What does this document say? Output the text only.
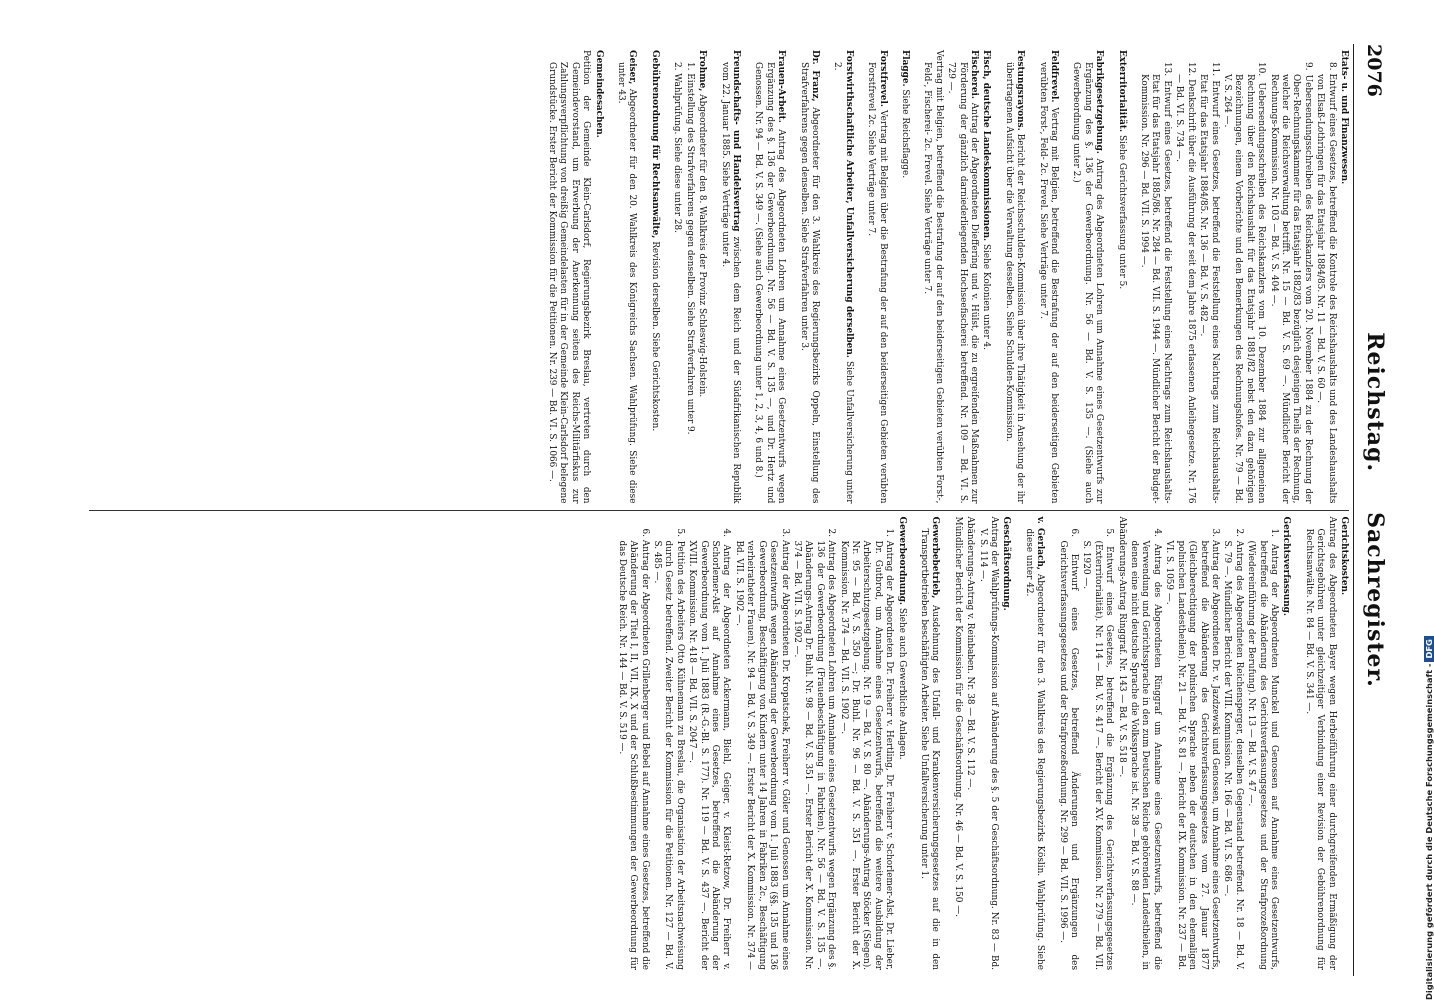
2076
Reichstag.Sachregister.
Etats- u. und Finanzwesen.
8. Entwurf eines Gesetzes, betreffend die Kontrole des Reichshaushalts und des Landeshaushalts von Elsaß-Lothringen für das Etatsjahr 1884/85. Nr. 11 — Bd. V. S. 60 —.
9. Uebersendungsschreiben des Reichskanzlers vom 20. November 1884 zu der Rechnung der Ober-Rechnungskammer für das Etatsjahr 1882/83 bezüglich desjenigen Theils der Rechnung, welcher die Reichsverwaltung betrifft. Nr. 15 — Bd. V. S. 69 —. Mündlicher Bericht der Rechnungs-Kommission. Nr. 103 — Bd. V. S. 404 —.
10. Uebersendungsschreiben des Reichskanzlers vom 10. Dezember 1884 zur allgemeinen Rechnung über den Reichshaushalt für das Etatsjahr 1881/82 nebst den dazu gehörigen Bezeichnungen, einem Vorberichte und den Bemerkungen des Rechnungshofes. Nr. 79 — Bd. V. S. 264 —.
11. Entwurf eines Gesetzes, betreffend die Feststellung eines Nachtrags zum Reichshaushalts-Etat für das Etatsjahr 1884/85. Nr. 136 — Bd. V. S. 482 —.
12. Denkschrift über die Ausführung der seit dem Jahre 1875 erlassenen Anleihegesetze. Nr. 176 — Bd. VI. S. 734 —.
13. Entwurf eines Gesetzes, betreffend die Feststellung eines Nachtrags zum Reichshaushalts-Etat für das Etatsjahr 1885/86. Nr. 284 — Bd. VII. S. 1944 —. Mündlicher Bericht der Budget-Kommission. Nr. 296 — Bd. VII. S. 1994 —.
Exterritorialität. Siehe Gerichtsverfassung unter 5.
Fabrikgesetzgebung. Antrag des Abgeordneten Lohren um Annahme eines Gesetzentwurfs zur Ergänzung des §. 136 der Gewerbeordnung. Nr. 56 — Bd. V. S. 135 —. (Siehe auch Gewerbeordnung unter 2.)
Feldfrevel. Vertrag mit Belgien, betreffend die Bestrafung der auf den beiderseitigen Gebieten verübten Forst-, Feld- 2c. Frevel. Siehe Verträge unter 7.
Festungsrayons. Bericht der Reichsschulden-Kommission über ihre Thätigkeit in Ansehung der ihr übertragenen Aufsicht über die Verwaltung desselben. Siehe Schulden-Kommission.
Fisch, deutsche Landeskommissionen. Siehe Kolonien unter 4.
Fischerei. Antrag der Abgeordneten Dieffering und v. Hülst, die zu ergreifenden Maßnahmen zur Förderung der gänzlich darniederliegenden Hochseefischerei betreffend. Nr. 109 — Bd. VI. S. 729 —.
Vertrag mit Belgien, betreffend die Bestrafung der auf den beiderseitigen Gebieten verübten Forst-, Feld-, Fischerei- 2c. Frevel. Siehe Verträge unter 7.
Flagge. Siehe Reichsflagge.
Forstfrevel. Vertrag mit Belgien über die Bestrafung der auf den beiderseitigen Gebieten verübten Forstfrevel 2c. Siehe Verträge unter 7.
Forstwirthschaftliche Arbeiter, Unfallversicherung derselben. Siehe Unfallversicherung unter 2.
Dr. Franz, Abgeordneter für den 3. Wahlkreis des Regierungsbezirks Oppeln, Einstellung des Strafverfahrens gegen denselben. Siehe Strafverfahren unter 3.
Frauen-Arbeit. Antrag des Abgeordneten Lohren um Annahme eines Gesetzentwurfs wegen Ergänzung des §. 136 der Gewerbeordnung. Nr. 56 — Bd. V. S. 135 —, und Dr. Hertz und Genossen. Nr. 94 — Bd. V. S. 349 —. (Siehe auch Gewerbeordnung unter 1, 2, 3, 4, 6 und 8.)
Freundschafts- und Handelsvertrag zwischen dem Reich und der Südafrikanischen Republik vom 22. Januar 1885. Siehe Verträge unter 4.
Frohme, Abgeordneter für den 8. Wahlkreis der Provinz Schleswig-Holstein.
1. Einstellung des Strafverfahrens gegen denselben. Siehe Strafverfahren unter 9.
2. Wahlprüfung. Siehe diese unter 28.
Gebührenordnung für Rechtsanwälte, Revision derselben. Siehe Gerichtskosten.
Geiser, Abgeordneter für den 20. Wahlkreis des Königreichs Sachsen. Wahlprüfung. Siehe diese unter 43.
Gemeindesachen.
Petition der Gemeinde Klein-Carlsdorf, Regierungsbezirk Breslau, vertreten durch den Gemeindevorstand, um Erwerbung der Anerkennung seitens des Reichs-Militärfiskus zur Zahlungsverpflichtung von dreißig Gemeindelasten für in der Gemeinde Klein-Carlsdorf belegene Grundstücke. Erster Bericht der Kommission für die Petitionen. Nr. 239 — Bd. VI. S. 1066 —.
Gerichtskosten.
Antrag des Abgeordneten Bayer wegen Herbeiführung einer durchgreifenden Ermäßigung der Gerichtsgebühren unter gleichzeitiger Verbindung einer Revision der Gebührenordnung für Rechtsanwälte. Nr. 84 — Bd. V. S. 341 —.
Gerichtsverfassung.
1. Antrag der Abgeordneten Munckel und Genossen auf Annahme eines Gesetzentwurfs, betreffend die Abänderung des Gerichtsverfassungsgesetzes und der Strafprozeßordnung (Wiedereinführung der Berufung). Nr. 13 — Bd. V. S. 47 —.
2. Antrag des Abgeordneten Reichensperger, denselben Gegenstand betreffend. Nr. 18 — Bd. V. S. 79 —. Mündlicher Bericht der VIII. Kommission. Nr. 166 — Bd. VI. S. 686 —.
3. Antrag der Abgeordneten Dr. v. Jazdzewski und Genossen, um Annahme eines Gesetzentwurfs, betreffend die Abänderung des Gerichtsverfassungsgesetzes vom 27. Januar 1877 (Gleichberechtigung der polnischen Sprache neben der deutschen in den ehemaligen polnischen Landestheilen). Nr. 21 — Bd. V. S. 81 —. Bericht der IX. Kommission. Nr. 237 — Bd. VI. S. 1059 —.
4. Antrag des Abgeordneten Ringgraf um Annahme eines Gesetzentwurfs, betreffend die Verwendung und Gerichtssprache in den zum Deutschen Reiche gehörenden Landestheilen, in denen eine nicht deutsche Sprache die Volkssprache ist. Nr. 38 — Bd. V. S. 88 —.
Abänderungs-Antrag Ringgraf. Nr. 143 — Bd. V. S. 518 —.
5. Entwurf eines Gesetzes, betreffend die Ergänzung des Gerichtsverfassungsgesetzes (Exterritorialität). Nr. 114 — Bd. V. S. 417 —. Bericht der XV. Kommission. Nr. 279 — Bd. VII. S. 1920 —.
6. Entwurf eines Gesetzes, betreffend Änderungen und Ergänzungen des Gerichtsverfassungsgesetzes und der Strafprozeßordnung. Nr. 299 — Bd. VII. S. 1996 —.
v. Gerlach, Abgeordneter für den 3. Wahlkreis des Regierungsbezirks Köslin. Wahlprüfung. Siehe diese unter 42.
Geschäftsordnung.
Antrag der Wahlprüfungs-Kommission auf Abänderung des §. 5 der Geschäftsordnung. Nr. 83 — Bd. V. S. 114 —.
Abänderungs-Antrag v. Reinbaben. Nr. 38 — Bd. V. S. 112 —.
Mündlicher Bericht der Kommission für die Geschäftsordnung. Nr. 46 — Bd. V. S. 150 —.
Gewerbebetrieb, Ausdehnung des Unfall- und Krankenversicherungsgesetzes auf die in den Transportbetrieben beschäftigten Arbeiter. Siehe Unfallversicherung unter 1.
Gewerbeordnung. Siehe auch Gewerbliche Anlagen.
1. Antrag der Abgeordneten Dr. Freiherr v. Hertling, Dr. Freiherr v. Schorlemer-Alst, Dr. Lieber, Dr. Gutbrod, um Annahme eines Gesetzentwurfs, betreffend die weitere Ausbildung der Arbeiterschutzgesetzgebung. Nr. 19 — Bd. V. S. 80 —. Abänderungs-Antrag Stöcker (Siegen). Nr. 95 — Bd. V. S. 350 —; Dr. Buhl. Nr. 96 — Bd. V. S. 351 —. Erster Bericht der X. Kommission. Nr. 374 — Bd. VII. S. 1902 —.
2. Antrag des Abgeordneten Lohren um Annahme eines Gesetzentwurfs wegen Ergänzung des §. 136 der Gewerbeordnung (Frauenbeschäftigung in Fabriken). Nr. 56 — Bd. V. S. 135 —. Abänderungs-Antrag Dr. Buhl. Nr. 98 — Bd. V. S. 351 —. Erster Bericht der X. Kommission. Nr. 374 — Bd. VII. S. 1902 —.
3. Antrag der Abgeordneten Dr. Kropatschek, Freiherr v. Göler und Genossen um Annahme eines Gesetzentwurfs wegen Abänderung der Gewerbeordnung vom 1. Juli 1883 (§§. 135 und 136 Gewerbeordnung, Beschäftigung von Kindern unter 14 Jahren in Fabriken 2c., Beschäftigung verheiratheter Frauen). Nr. 94 — Bd. V. S. 349 —. Erster Bericht der X. Kommission. Nr. 374 — Bd. VII. S. 1902 —.
4. Antrag der Abgeordneten Ackermann, Biehl, Geiger, v. Kleist-Retzow, Dr. Freiherr v. Schorlemer-Alst auf Annahme eines Gesetzes, betreffend die Abänderung der Gewerbeordnung vom 1. Juli 1883 (R.-G.-Bl. S. 177). Nr. 119 — Bd. V. S. 437 —. Bericht der XVIII. Kommission. Nr. 418 — Bd. VII. S. 2047 —.
5. Petition des Arbeiters Otto Kühnemann zu Breslau, die Organisation der Arbeitsnachweisung durch Gesetz betreffend. Zweiter Bericht der Kommission für die Petitionen. Nr. 127 — Bd. V. S. 485 —.
6. Antrag der Abgeordneten Grillenberger und Bebel auf Annahme eines Gesetzes, betreffend die Abänderung der Titel I, II, VII, IX, X und der Schlußbestimmungen der Gewerbeordnung für das Deutsche Reich. Nr. 144 — Bd. V. S. 519 —.
Digitalisierung gefördert durch die Deutsche Forschungsgemeinschaft -DFG
